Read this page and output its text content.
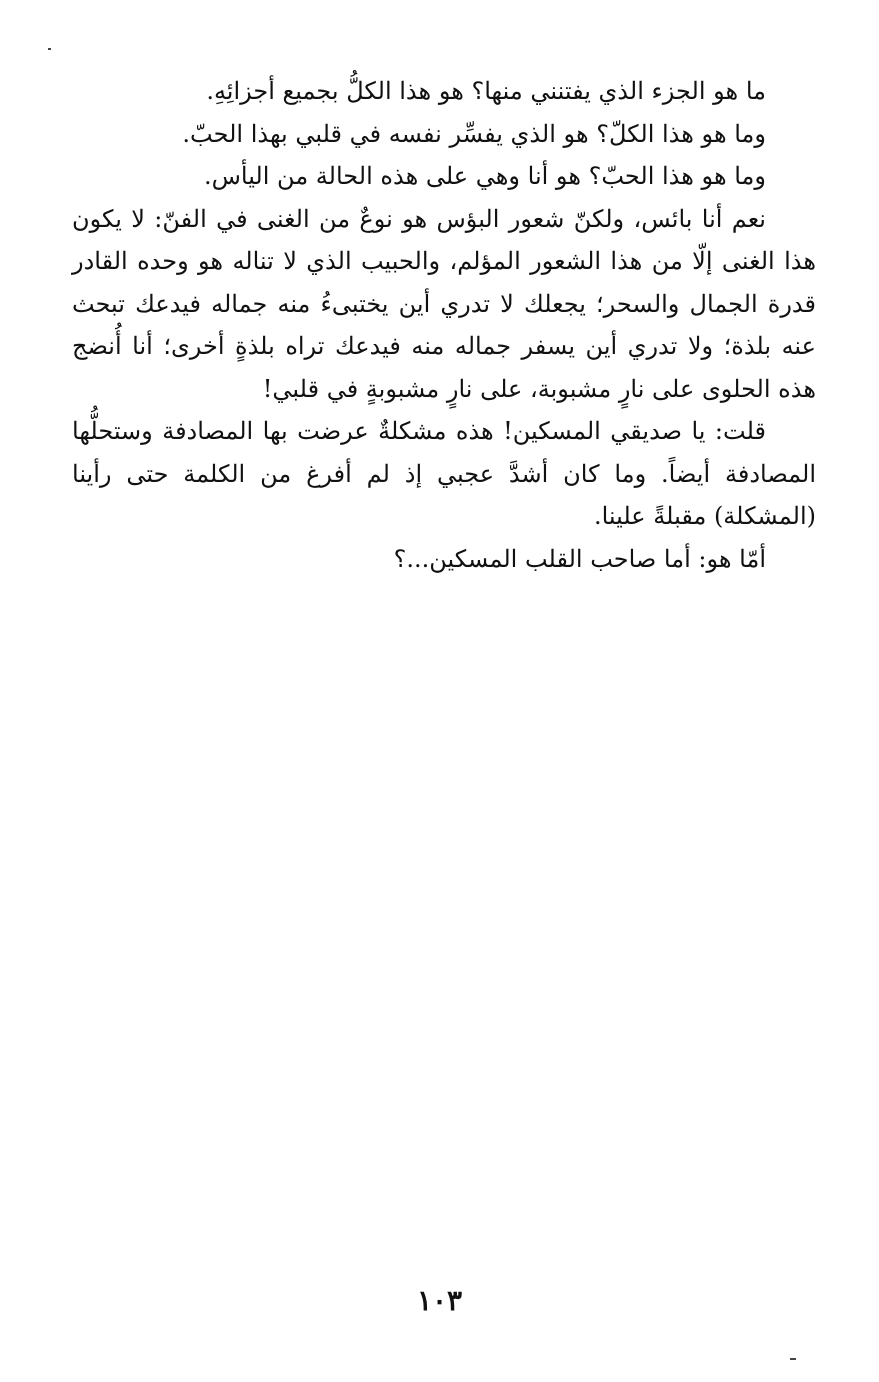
ما هو الجزء الذي يفتنني منها؟ هو هذا الكلُّ بجميع أجزائِهِ.

وما هو هذا الكلّ؟ هو الذي يفسِّر نفسه في قلبي بهذا الحبّ.

وما هو هذا الحبّ؟ هو أنا وهي على هذه الحالة من اليأس.

نعم أنا بائس، ولكنّ شعور البؤس هو نوعٌ من الغنى في الفنّ: لا يكون هذا الغنى إلّا من هذا الشعور المؤلم، والحبيب الذي لا تناله هو وحده القادر قدرة الجمال والسحر؛ يجعلك لا تدري أين يختبىءُ منه جماله فيدعك تبحث عنه بلذة؛ ولا تدري أين يسفر جماله منه فيدعك تراه بلذةٍ أخرى؛ أنا أُنضج هذه الحلوى على نارٍ مشبوبة، على نارٍ مشبوبةٍ في قلبي!

قلت: يا صديقي المسكين! هذه مشكلةٌ عرضت بها المصادفة وستحلُّها المصادفة أيضاً. وما كان أشدَّ عجبي إذ لم أفرغ من الكلمة حتى رأينا (المشكلة) مقبلةً علينا.

أمّا هو: أما صاحب القلب المسكين...؟

١٠٣
